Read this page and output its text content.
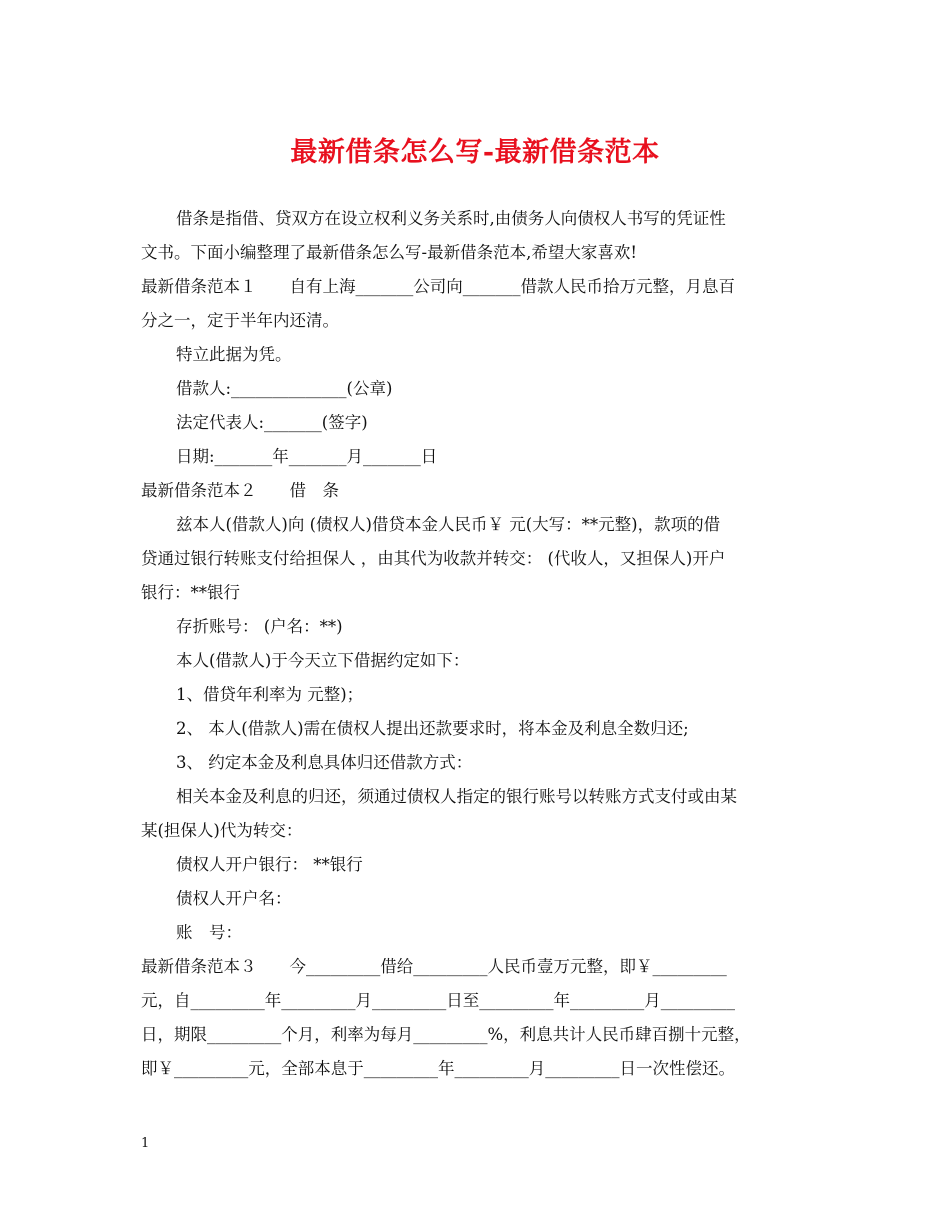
最新借条怎么写-最新借条范本

借条是指借、贷双方在设立权利义务关系时,由债务人向债权人书写的凭证性

文书。下面小编整理了最新借条怎么写-最新借条范本,希望大家喜欢!

最新借条范本１　　自有上海_______公司向_______借款人民币拾万元整，月息百

分之一，定于半年内还清。

特立此据为凭。

借款人:______________(公章)

法定代表人:_______(签字)

日期:_______年_______月_______日

最新借条范本２　　借　条

兹本人(借款人)向 (债权人)借贷本金人民币￥ 元(大写：**元整)，款项的借

贷通过银行转账支付给担保人 ，由其代为收款并转交： (代收人，又担保人)开户

银行：**银行

存折账号： (户名：**)

本人(借款人)于今天立下借据约定如下：

1、借贷年利率为 元整)；

2、 本人(借款人)需在债权人提出还款要求时，将本金及利息全数归还;

3、 约定本金及利息具体归还借款方式：

相关本金及利息的归还，须通过债权人指定的银行账号以转账方式支付或由某

某(担保人)代为转交：

债权人开户银行： **银行

债权人开户名：

账　号：

最新借条范本３　　今_________借给_________人民币壹万元整，即￥_________

元，自_________年_________月_________日至_________年_________月_________

日，期限_________个月，利率为每月_________%，利息共计人民币肆百捌十元整，

即￥_________元，全部本息于_________年_________月_________日一次性偿还。

1
